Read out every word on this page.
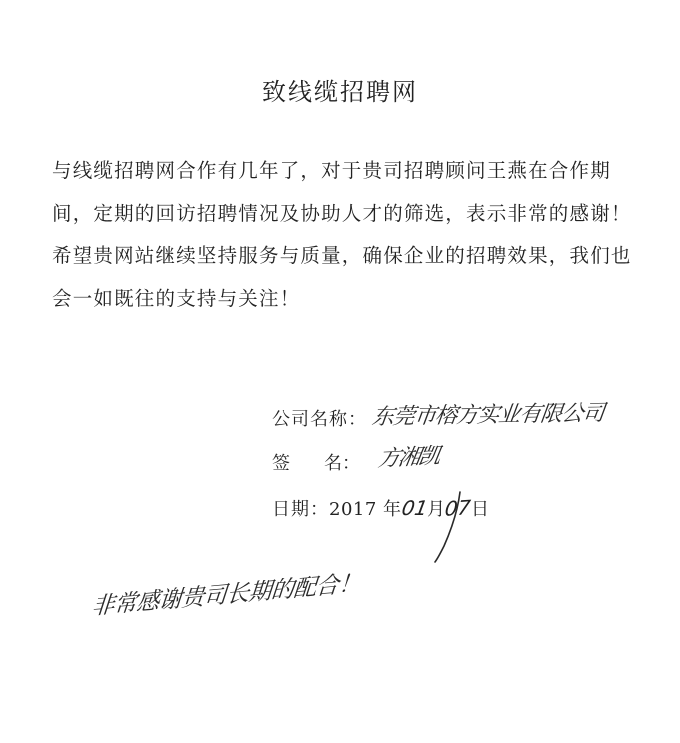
致线缆招聘网

与线缆招聘网合作有几年了，对于贵司招聘顾问王燕在合作期间，定期的回访招聘情况及协助人才的筛选，表示非常的感谢！希望贵网站继续坚持服务与质量，确保企业的招聘效果，我们也会一如既往的支持与关注！

公司名称： 东莞市榕方实业有限公司
签 名： 方湘凯
日期：2017 年01月07日
非常感谢贵司长期的配合！
